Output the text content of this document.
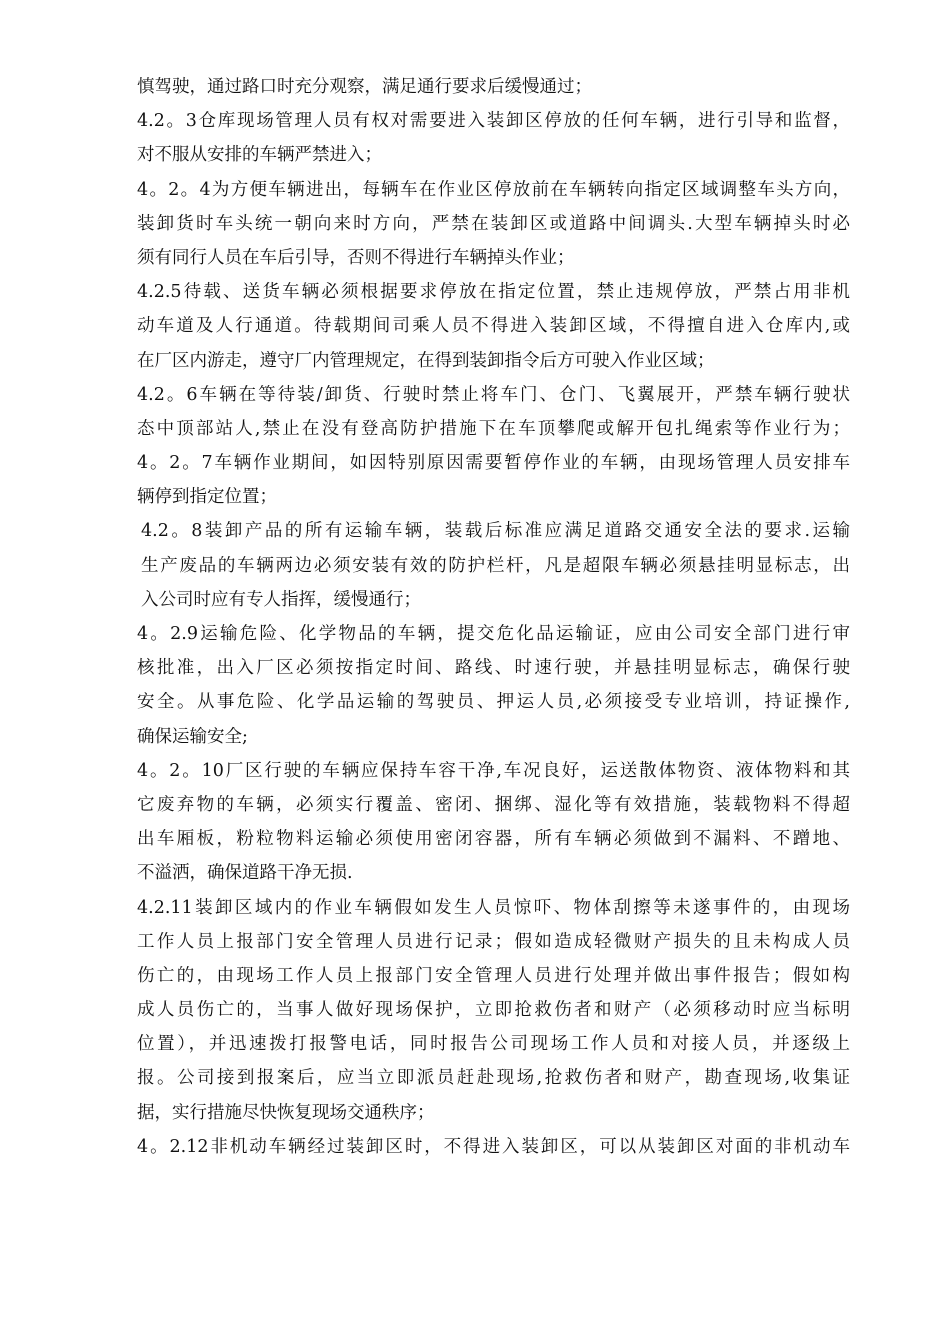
慎驾驶，通过路口时充分观察，满足通行要求后缓慢通过；
4.2。3仓库现场管理人员有权对需要进入装卸区停放的任何车辆，进行引导和监督，
对不服从安排的车辆严禁进入；
4。2。4为方便车辆进出，每辆车在作业区停放前在车辆转向指定区域调整车头方向，
装卸货时车头统一朝向来时方向，严禁在装卸区或道路中间调头.大型车辆掉头时必
须有同行人员在车后引导，否则不得进行车辆掉头作业；
4.2.5待载、送货车辆必须根据要求停放在指定位置，禁止违规停放，严禁占用非机
动车道及人行通道。待载期间司乘人员不得进入装卸区域，不得擅自进入仓库内,或
在厂区内游走，遵守厂内管理规定，在得到装卸指令后方可驶入作业区域；
4.2。6车辆在等待装/卸货、行驶时禁止将车门、仓门、飞翼展开，严禁车辆行驶状
态中顶部站人,禁止在没有登高防护措施下在车顶攀爬或解开包扎绳索等作业行为；
4。2。7车辆作业期间，如因特别原因需要暂停作业的车辆，由现场管理人员安排车
辆停到指定位置；
4.2。8装卸产品的所有运输车辆，装载后标准应满足道路交通安全法的要求.运输
生产废品的车辆两边必须安装有效的防护栏杆，凡是超限车辆必须悬挂明显标志，出
入公司时应有专人指挥，缓慢通行；
4。2.9运输危险、化学物品的车辆，提交危化品运输证，应由公司安全部门进行审
核批准，出入厂区必须按指定时间、路线、时速行驶，并悬挂明显标志，确保行驶
安全。从事危险、化学品运输的驾驶员、押运人员,必须接受专业培训，持证操作,
确保运输安全;
4。2。10厂区行驶的车辆应保持车容干净,车况良好，运送散体物资、液体物料和其
它废弃物的车辆，必须实行覆盖、密闭、捆绑、湿化等有效措施，装载物料不得超
出车厢板，粉粒物料运输必须使用密闭容器，所有车辆必须做到不漏料、不蹭地、
不溢洒，确保道路干净无损.
4.2.11装卸区域内的作业车辆假如发生人员惊吓、物体刮擦等未遂事件的，由现场
工作人员上报部门安全管理人员进行记录；假如造成轻微财产损失的且未构成人员
伤亡的，由现场工作人员上报部门安全管理人员进行处理并做出事件报告；假如构
成人员伤亡的，当事人做好现场保护，立即抢救伤者和财产（必须移动时应当标明
位置），并迅速拨打报警电话，同时报告公司现场工作人员和对接人员，并逐级上
报。公司接到报案后，应当立即派员赶赴现场,抢救伤者和财产，勘查现场,收集证
据，实行措施尽快恢复现场交通秩序；
4。2.12非机动车辆经过装卸区时，不得进入装卸区，可以从装卸区对面的非机动车
